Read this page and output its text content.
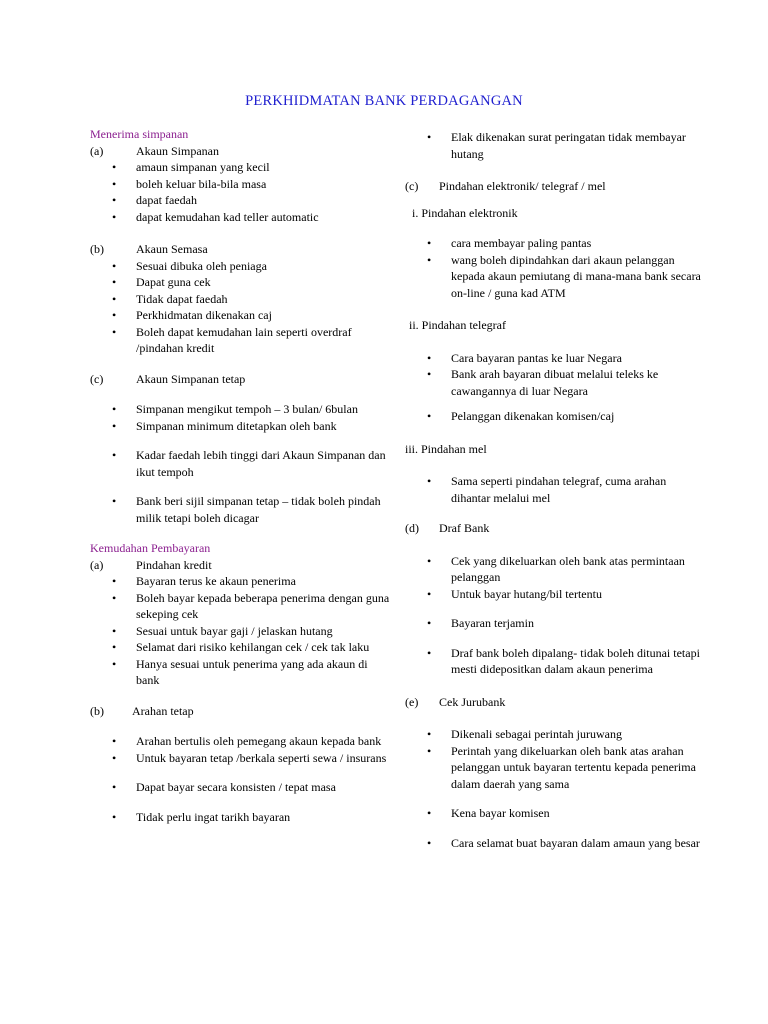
PERKHIDMATAN BANK PERDAGANGAN
Menerima simpanan
(a)	Akaun Simpanan
• amaun simpanan yang kecil
• boleh keluar bila-bila masa
• dapat faedah
• dapat kemudahan kad teller automatic
(b)	Akaun Semasa
• Sesuai dibuka oleh peniaga
• Dapat guna cek
• Tidak dapat faedah
• Perkhidmatan dikenakan caj
• Boleh dapat kemudahan lain seperti overdraf /pindahan kredit
(c)	Akaun Simpanan tetap
• Simpanan mengikut tempoh – 3 bulan/ 6bulan
• Simpanan minimum ditetapkan oleh bank
• Kadar faedah lebih tinggi dari Akaun Simpanan dan ikut tempoh
• Bank beri sijil simpanan tetap – tidak boleh pindah milik tetapi boleh dicagar
Kemudahan Pembayaran
(a)	Pindahan kredit
• Bayaran terus ke akaun penerima
• Boleh bayar kepada beberapa penerima dengan guna sekeping cek
• Sesuai untuk bayar gaji / jelaskan hutang
• Selamat dari risiko kehilangan cek / cek tak laku
• Hanya sesuai untuk penerima yang ada akaun di bank
(b) Arahan tetap
• Arahan bertulis oleh pemegang akaun kepada bank
• Untuk bayaran tetap /berkala seperti sewa / insurans
• Dapat bayar secara konsisten / tepat masa
• Tidak perlu ingat tarikh bayaran
• Elak dikenakan surat peringatan tidak membayar hutang
(c) Pindahan elektronik/ telegraf / mel
i. Pindahan elektronik
• cara membayar paling pantas
• wang boleh dipindahkan dari akaun pelanggan kepada akaun pemiutang di mana-mana bank secara on-line / guna kad ATM
ii. Pindahan telegraf
• Cara bayaran pantas ke luar Negara
• Bank arah bayaran dibuat melalui teleks ke cawangannya di luar Negara
• Pelanggan dikenakan komisen/caj
iii. Pindahan mel
• Sama seperti pindahan telegraf, cuma arahan dihantar melalui mel
(d) Draf Bank
• Cek yang dikeluarkan oleh bank atas permintaan pelanggan
• Untuk bayar hutang/bil tertentu
• Bayaran terjamin
• Draf bank boleh dipalang- tidak boleh ditunai tetapi mesti didepositkan dalam akaun penerima
(e) Cek Jurubank
• Dikenali sebagai perintah juruwang
• Perintah yang dikeluarkan oleh bank atas arahan pelanggan untuk bayaran tertentu kepada penerima dalam daerah yang sama
• Kena bayar komisen
• Cara selamat buat bayaran dalam amaun yang besar
